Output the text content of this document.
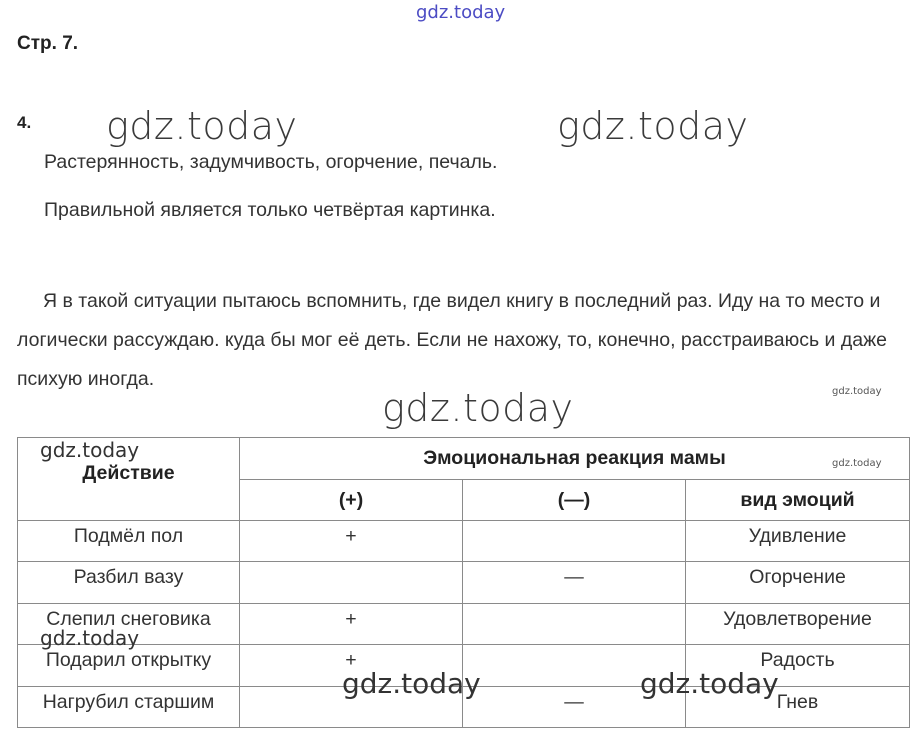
gdz.today
Стр. 7.
4. gdz.today	gdz.today
Растерянность, задумчивость, огорчение, печаль.
Правильной является только четвёртая картинка.
Я в такой ситуации пытаюсь вспомнить, где видел книгу в последний раз. Иду на то место и логически рассуждаю. куда бы мог её деть. Если не нахожу, то, конечно, расстраиваюсь и даже психую иногда.
gdz.today
gdz.today
Действие	Эмоциональная реакция мамы		
	(+)	(—)	вид эмоций
Подмёл пол	+		Удивление
Разбил вазу		—	Огорчение
Слепил снеговика	+		Удовлетворение
Подарил открытку	+		Радость
Нагрубил старшим		—	Гнев
gdz.today
gdz.today
gdz.today
gdz.today	gdz.today
